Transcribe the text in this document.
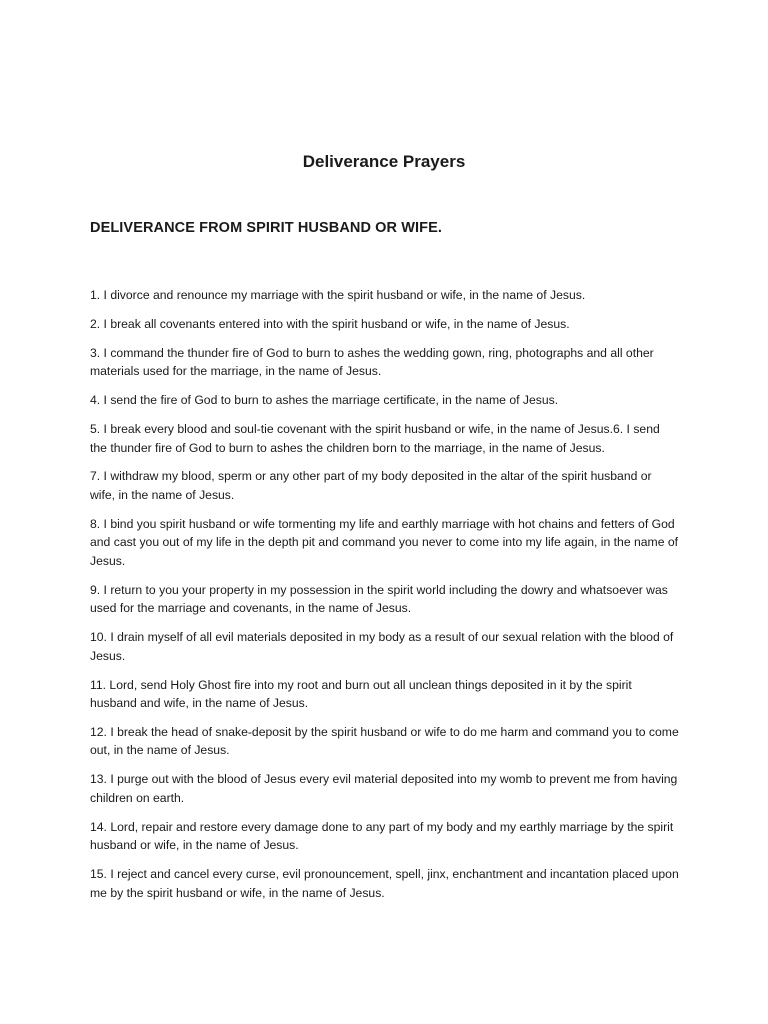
Deliverance Prayers
DELIVERANCE FROM SPIRIT HUSBAND OR WIFE.
1. I divorce and renounce my marriage with the spirit husband or wife, in the name of Jesus.
2. I break all covenants entered into with the spirit husband or wife, in the name of Jesus.
3. I command the thunder fire of God to burn to ashes the wedding gown, ring, photographs and all other materials used for the marriage, in the name of Jesus.
4. I send the fire of God to burn to ashes the marriage certificate, in the name of Jesus.
5. I break every blood and soul-tie covenant with the spirit husband or wife, in the name of Jesus.6. I send the thunder fire of God to burn to ashes the children born to the marriage, in the name of Jesus.
7. I withdraw my blood, sperm or any other part of my body deposited in the altar of the spirit husband or wife, in the name of Jesus.
8. I bind you spirit husband or wife tormenting my life and earthly marriage with hot chains and fetters of God and cast you out of my life in the depth pit and command you never to come into my life again, in the name of Jesus.
9. I return to you your property in my possession in the spirit world including the dowry and whatsoever was used for the marriage and covenants, in the name of Jesus.
10. I drain myself of all evil materials deposited in my body as a result of our sexual relation with the blood of Jesus.
11. Lord, send Holy Ghost fire into my root and burn out all unclean things deposited in it by the spirit husband and wife, in the name of Jesus.
12. I break the head of snake-deposit by the spirit husband or wife to do me harm and command you to come out, in the name of Jesus.
13. I purge out with the blood of Jesus every evil material deposited into my womb to prevent me from having children on earth.
14. Lord, repair and restore every damage done to any part of my body and my earthly marriage by the spirit husband or wife, in the name of Jesus.
15. I reject and cancel every curse, evil pronouncement, spell, jinx, enchantment and incantation placed upon me by the spirit husband or wife, in the name of Jesus.
